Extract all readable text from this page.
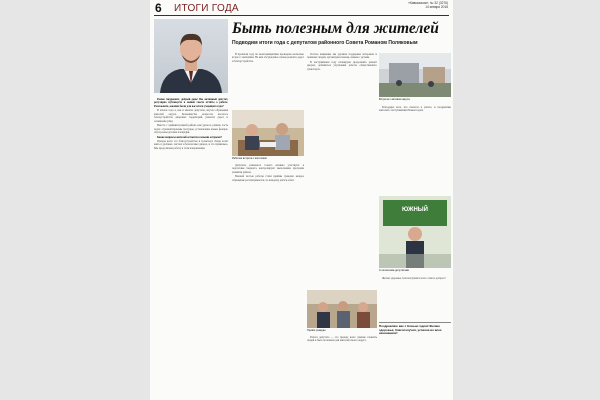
6 ИТОГИ ГОДА	«Кавказская», № 32 (3276)
14 января 2016
Быть полезным для жителей
Подводим итоги года с депутатом районного Совета Романом Поляковым

Роман Андреевич, добрый день! Вы активный депутат, регулярно публикуете в нашей газете отчёты о работе. Расскажите, какими были для вас итоги уходящего года?

В начале года я, как и многие депутаты, изучал обращения жителей округа. Большинство вопросов касалось благоустройства дворовых территорий, ремонта дорог и освещения улиц.

Вместе с администрацией района нам удалось решить часть задач: отремонтированы тротуары, установлены новые фонари, обустроены детские площадки.

Какие вопросы жителей остаются самыми острыми?

Прежде всего это благоустройство и транспорт. Люди хотят жить в удобных, чистых и безопасных дворах, и это правильно. Мы продолжаем работу в этом направлении.

В прошлом году по моей инициативе проведено несколько встреч с жителями. На них обсуждались планы ремонта дорог и благоустройства.

Рабочая встреча с жителями

Депутаты районного Совета активно участвуют в подготовке бюджета, контролируют выполнение программ развития района.

Важной частью работы стали приёмы граждан: каждое обращение рассматривается, по каждому даётся ответ.

Особое внимание мы уделяем поддержке ветеранов и пожилых людей, организуем помощь семьям с детьми.

В наступившем году планируем продолжить ремонт дворов, добиваться улучшения работы общественного транспорта.

Приём граждан

Работа депутата — это прежде всего умение слышать людей и быть полезным для жителей своего округа.

Встреча с активом округа

Благодарю всех, кто помогал в работе, и поздравляю жителей с наступившим Новым годом.

ЮЖНЫЙ
С коллегами-депутатами

Желаю здоровья, благополучия и всего самого доброго!

Поздравляю вас с Новым годом! Желаю здоровья, благополучия, успехов во всех начинаниях!
